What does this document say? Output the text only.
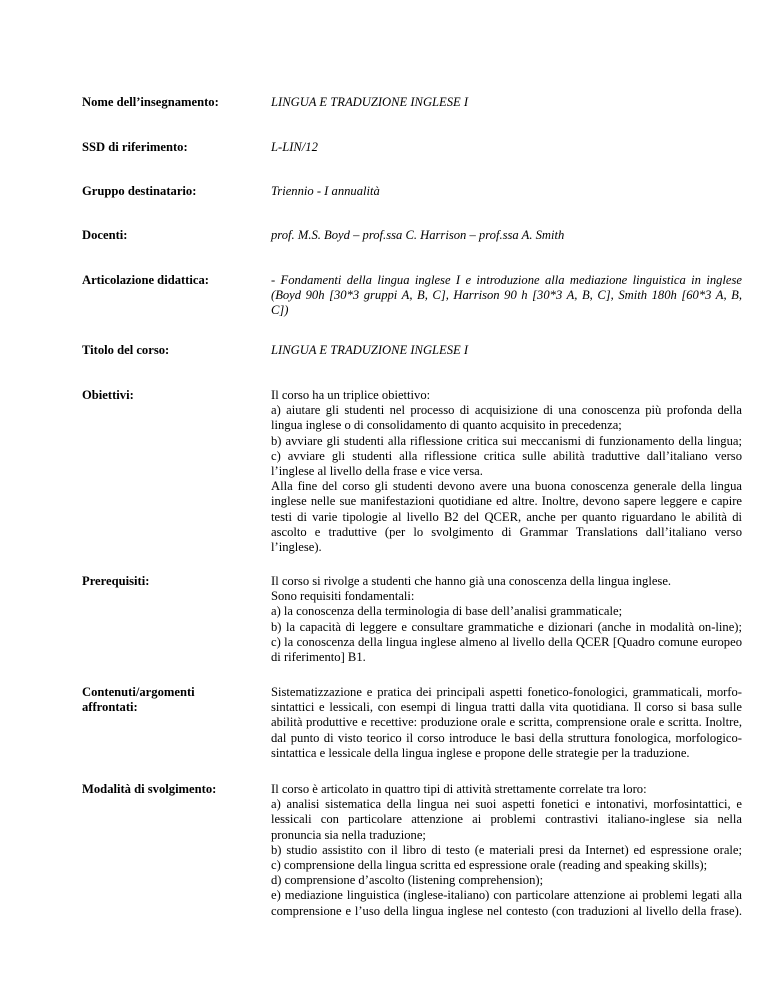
Nome dell’insegnamento:	LINGUA E TRADUZIONE INGLESE I
SSD di riferimento:	L-LIN/12
Gruppo destinatario:	Triennio - I annualità
Docenti:	prof. M.S. Boyd – prof.ssa C. Harrison – prof.ssa A. Smith
Articolazione didattica:	- Fondamenti della lingua inglese I e introduzione alla mediazione linguistica in inglese
(Boyd 90h [30*3 gruppi A, B, C], Harrison 90 h [30*3 A, B, C], Smith 180h [60*3 A, B,
C])
Titolo del corso:	LINGUA E TRADUZIONE INGLESE I
Obiettivi:	Il corso ha un triplice obiettivo:
a) aiutare gli studenti nel processo di acquisizione di una conoscenza più profonda della
lingua inglese o di consolidamento di quanto acquisito in precedenza;
b) avviare gli studenti alla riflessione critica sui meccanismi di funzionamento della lingua;
c) avviare gli studenti alla riflessione critica sulle abilità traduttive dall’italiano verso
l’inglese al livello della frase e vice versa.
Alla fine del corso gli studenti devono avere una buona conoscenza generale della lingua
inglese nelle sue manifestazioni quotidiane ed altre. Inoltre, devono sapere leggere e capire
testi di varie tipologie al livello B2 del QCER, anche per quanto riguardano le abilità di
ascolto e traduttive (per lo svolgimento di Grammar Translations dall’italiano verso
l’inglese).
Prerequisiti:	Il corso si rivolge a studenti che hanno già una conoscenza della lingua inglese.
Sono requisiti fondamentali:
a) la conoscenza della terminologia di base dell’analisi grammaticale;
b) la capacità di leggere e consultare grammatiche e dizionari (anche in modalità on-line);
c) la conoscenza della lingua inglese almeno al livello della QCER [Quadro comune europeo
di riferimento] B1.
Contenuti/argomenti
affrontati:
Sistematizzazione e pratica dei principali aspetti fonetico-fonologici, grammaticali, morfo-
sintattici e lessicali, con esempi di lingua tratti dalla vita quotidiana. Il corso si basa sulle
abilità produttive e recettive: produzione orale e scritta, comprensione orale e scritta. Inoltre,
dal punto di visto teorico il corso introduce le basi della struttura fonologica, morfologico-
sintattica e lessicale della lingua inglese e propone delle strategie per la traduzione.
Modalità di svolgimento:	Il corso è articolato in quattro tipi di attività strettamente correlate tra loro:
a) analisi sistematica della lingua nei suoi aspetti fonetici e intonativi, morfosintattici, e
lessicali con particolare attenzione ai problemi contrastivi italiano-inglese sia nella
pronuncia sia nella traduzione;
b) studio assistito con il libro di testo (e materiali presi da Internet) ed espressione orale;
c) comprensione della lingua scritta ed espressione orale (reading and speaking skills);
d) comprensione d’ascolto (listening comprehension);
e) mediazione linguistica (inglese-italiano) con particolare attenzione ai problemi legati alla
comprensione e l’uso della lingua inglese nel contesto (con traduzioni al livello della frase).
